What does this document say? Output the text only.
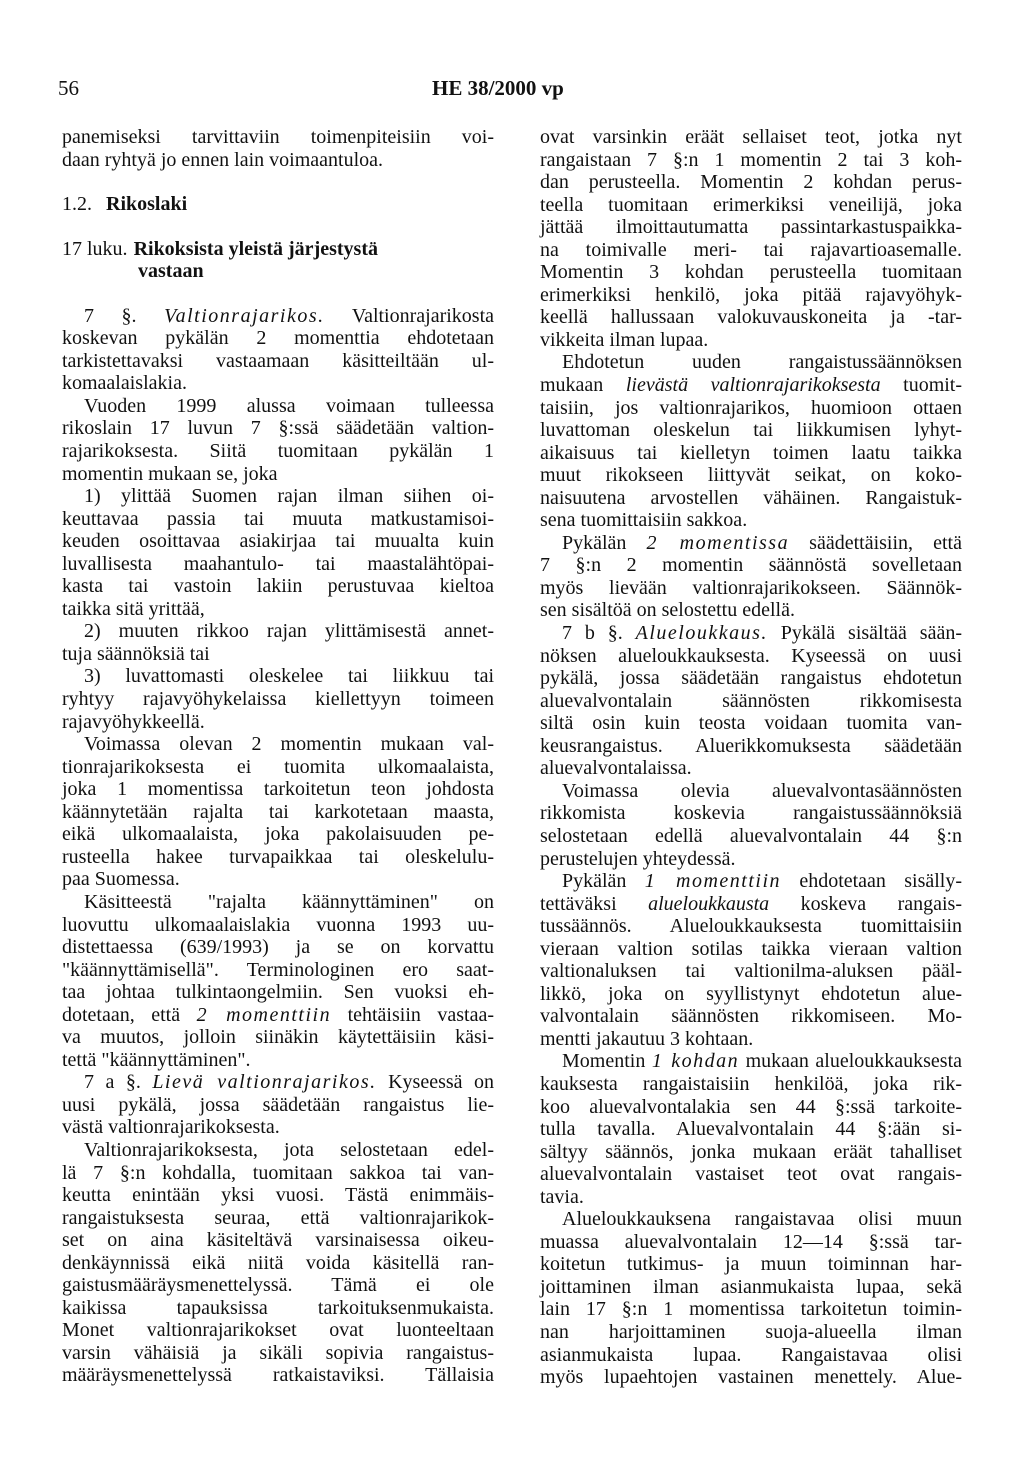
56	HE 38/2000 vp
panemiseksi tarvittaviin toimenpiteisiin voi-
daan ryhtyä jo ennen lain voimaantuloa.
1.2. Rikoslaki
17 luku. Rikoksista yleistä järjestystä
vastaan
7 §. Valtionrajarikos. Valtionrajarikosta
koskevan pykälän 2 momenttia ehdotetaan
tarkistettavaksi vastaamaan käsitteiltään ul-
komaalaislakia.
Vuoden 1999 alussa voimaan tulleessa
rikoslain 17 luvun 7 §:ssä säädetään valtion-
rajarikoksesta. Siitä tuomitaan pykälän 1
momentin mukaan se, joka
1) ylittää Suomen rajan ilman siihen oi-
keuttavaa passia tai muuta matkustamisoi-
keuden osoittavaa asiakirjaa tai muualta kuin
luvallisesta maahantulo- tai maastalähtöpai-
kasta tai vastoin lakiin perustuvaa kieltoa
taikka sitä yrittää,
2) muuten rikkoo rajan ylittämisestä annet-
tuja säännöksiä tai
3) luvattomasti oleskelee tai liikkuu tai
ryhtyy rajavyöhykelaissa kiellettyyn toimeen
rajavyöhykkeellä.
Voimassa olevan 2 momentin mukaan val-
tionrajarikoksesta ei tuomita ulkomaalaista,
joka 1 momentissa tarkoitetun teon johdosta
käännytetään rajalta tai karkotetaan maasta,
eikä ulkomaalaista, joka pakolaisuuden pe-
rusteella hakee turvapaikkaa tai oleskelulu-
paa Suomessa.
Käsitteestä "rajalta käännyttäminen" on
luovuttu ulkomaalaislakia vuonna 1993 uu-
distettaessa (639/1993) ja se on korvattu
"käännyttämisellä". Terminologinen ero saat-
taa johtaa tulkintaongelmiin. Sen vuoksi eh-
dotetaan, että 2 momenttiin tehtäisiin vastaa-
va muutos, jolloin siinäkin käytettäisiin käsi-
tettä "käännyttäminen".
7 a §. Lievä valtionrajarikos. Kyseessä on
uusi pykälä, jossa säädetään rangaistus lie-
västä valtionrajarikoksesta.
Valtionrajarikoksesta, jota selostetaan edel-
lä 7 §:n kohdalla, tuomitaan sakkoa tai van-
keutta enintään yksi vuosi. Tästä enimmäis-
rangaistuksesta seuraa, että valtionrajarikok-
set on aina käsiteltävä varsinaisessa oikeu-
denkäynnissä eikä niitä voida käsitellä ran-
gaistusmääräysmenettelyssä. Tämä ei ole
kaikissa tapauksissa tarkoituksenmukaista.
Monet valtionrajarikokset ovat luonteeltaan
varsin vähäisiä ja sikäli sopivia rangaistus-
määräysmenettelyssä ratkaistaviksi. Tällaisia
ovat varsinkin eräät sellaiset teot, jotka nyt
rangaistaan 7 §:n 1 momentin 2 tai 3 koh-
dan perusteella. Momentin 2 kohdan perus-
teella tuomitaan erimerkiksi veneilijä, joka
jättää ilmoittautumatta passintarkastuspaikka-
na toimivalle meri- tai rajavartioasemalle.
Momentin 3 kohdan perusteella tuomitaan
erimerkiksi henkilö, joka pitää rajavyöhyk-
keellä hallussaan valokuvauskoneita ja -tar-
vikkeita ilman lupaa.
Ehdotetun uuden rangaistussäännöksen
mukaan lievästä valtionrajarikoksesta tuomit-
taisiin, jos valtionrajarikos, huomioon ottaen
luvattoman oleskelun tai liikkumisen lyhyt-
aikaisuus tai kielletyn toimen laatu taikka
muut rikokseen liittyvät seikat, on koko-
naisuutena arvostellen vähäinen. Rangaistuk-
sena tuomittaisiin sakkoa.
Pykälän 2 momentissa säädettäisiin, että
7 §:n 2 momentin säännöstä sovelletaan
myös lievään valtionrajarikokseen. Säännök-
sen sisältöä on selostettu edellä.
7 b §. Alueloukkaus. Pykälä sisältää sään-
nöksen alueloukkauksesta. Kyseessä on uusi
pykälä, jossa säädetään rangaistus ehdotetun
aluevalvontalain säännösten rikkomisesta
siltä osin kuin teosta voidaan tuomita van-
keusrangaistus. Aluerikkomuksesta säädetään
aluevalvontalaissa.
Voimassa olevia aluevalvontasäännösten
rikkomista koskevia rangaistussäännöksiä
selostetaan edellä aluevalvontalain 44 §:n
perustelujen yhteydessä.
Pykälän 1 momenttiin ehdotetaan sisälly-
tettäväksi alueloukkausta koskeva rangais-
tussäännös. Alueloukkauksesta tuomittaisiin
vieraan valtion sotilas taikka vieraan valtion
valtionaluksen tai valtionilma-aluksen pääl-
likkö, joka on syyllistynyt ehdotetun alue-
valvontalain säännösten rikkomiseen. Mo-
mentti jakautuu 3 kohtaan.
Momentin 1 kohdan mukaan alueloukkauksesta
kauksesta rangaistaisiin henkilöä, joka rik-
koo aluevalvontalakia sen 44 §:ssä tarkoite-
tulla tavalla. Aluevalvontalain 44 §:ään si-
sältyy säännös, jonka mukaan eräät tahalliset
aluevalvontalain vastaiset teot ovat rangais-
tavia.
Alueloukkauksena rangaistavaa olisi muun
muassa aluevalvontalain 12—14 §:ssä tar-
koitetun tutkimus- ja muun toiminnan har-
joittaminen ilman asianmukaista lupaa, sekä
lain 17 §:n 1 momentissa tarkoitetun toimin-
nan harjoittaminen suoja-alueella ilman
asianmukaista lupaa. Rangaistavaa olisi
myös lupaehtojen vastainen menettely. Alue-
